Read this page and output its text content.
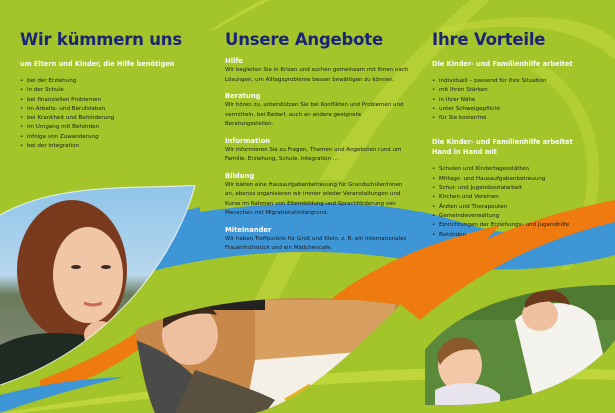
Wir kümmern uns
um Eltern und Kinder, die Hilfe benötigen
• bei der Erziehung
• in der Schule
• bei finanziellen Problemen
• im Arbeits- und Berufsleben
• bei Krankheit und Behinderung
• im Umgang mit Behörden
• infolge von Zuwanderung
• bei der Integration
Unsere Angebote
Hilfe
Wir begleiten Sie in Krisen und suchen gemeinsam mit Ihnen nach Lösungen, um Alltagsprobleme besser bewältigen zu können.
Beratung
Wir hören zu, unterstützen Sie bei Konflikten und Problemen und vermitteln, bei Bedarf, auch an andere geeignete Beratungsstellen.
Information
Wir informieren Sie zu Fragen, Themen und Angeboten rund um Familie, Erziehung, Schule, Integration ...
Bildung
Wir bieten eine Hausaufgabenbetreuung für Grundschüler/innen an, ebenso organisieren wir immer wieder Veranstaltungen und Kurse im Rahmen von Elternbildung und Sprachförderung von Menschen mit Migrationshintergrund.
Miteinander
Wir haben Treffpunkte für Groß und Klein, z. B. ein internationales Frauenfrühstück und ein Mädchencafe.
Ihre Vorteile
Die Kinder- und Familienhilfe arbeitet
• individuell – passend für Ihre Situation
• mit Ihren Stärken
• in Ihrer Nähe
• unter Schweigepflicht
• für Sie kostenfrei
Die Kinder- und Familienhilfe arbeitet
Hand in Hand mit
• Schulen und Kindertagesstätten
• Mittags- und Hausaufgabenbetreuung
• Schul- und Jugendsozialarbeit
• Kirchen und Vereinen
• Ärzten und Therapeuten
• Gemeindeverwaltung
• Einrichtungen der Erziehungs- und Jugendhilfe
• Behörden
